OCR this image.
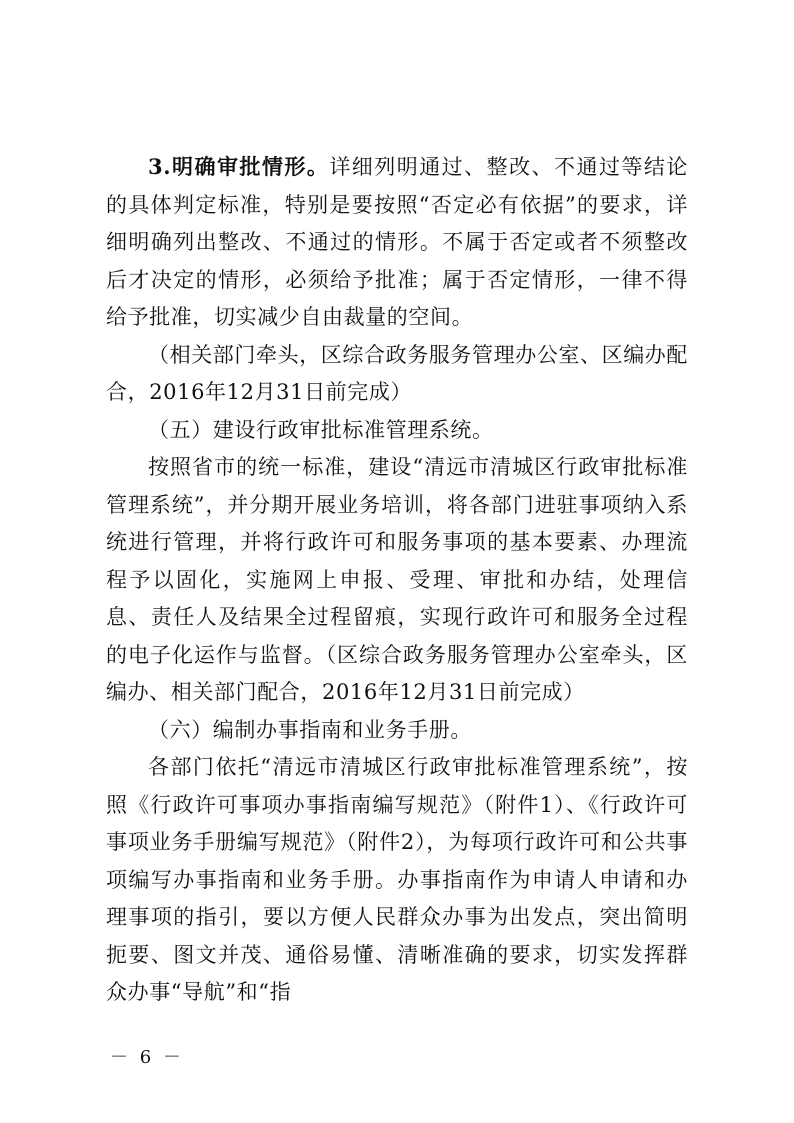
3.明确审批情形。详细列明通过、整改、不通过等结论的具体判定标准，特别是要按照“否定必有依据”的要求，详细明确列出整改、不通过的情形。不属于否定或者不须整改后才决定的情形，必须给予批准；属于否定情形，一律不得给予批准，切实减少自由裁量的空间。

（相关部门牵头，区综合政务服务管理办公室、区编办配合，2016年12月31日前完成）

（五）建设行政审批标准管理系统。

按照省市的统一标准，建设“清远市清城区行政审批标准管理系统”，并分期开展业务培训，将各部门进驻事项纳入系统进行管理，并将行政许可和服务事项的基本要素、办理流程予以固化，实施网上申报、受理、审批和办结，处理信息、责任人及结果全过程留痕，实现行政许可和服务全过程的电子化运作与监督。（区综合政务服务管理办公室牵头，区编办、相关部门配合，2016年12月31日前完成）

（六）编制办事指南和业务手册。

各部门依托“清远市清城区行政审批标准管理系统”，按照《行政许可事项办事指南编写规范》（附件1）、《行政许可事项业务手册编写规范》（附件2），为每项行政许可和公共事项编写办事指南和业务手册。办事指南作为申请人申请和办理事项的指引，要以方便人民群众办事为出发点，突出简明扼要、图文并茂、通俗易懂、清晰准确的要求，切实发挥群众办事“导航”和“指

－ 6 －
